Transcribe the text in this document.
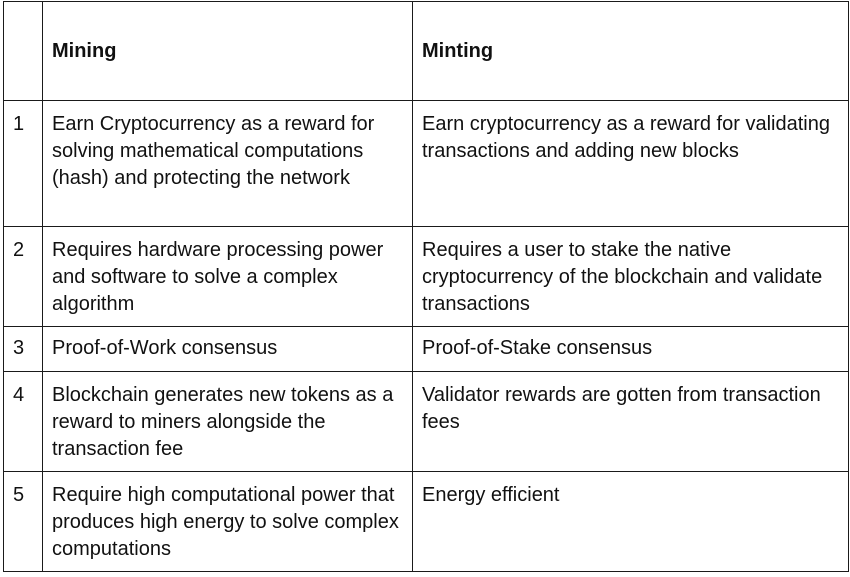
	Mining	Minting
1	Earn Cryptocurrency as a reward for solving mathematical computations (hash) and protecting the network	Earn cryptocurrency as a reward for validating transactions and adding new blocks
2	Requires hardware processing power and software to solve a complex algorithm	Requires a user to stake the native cryptocurrency of the blockchain and validate transactions
3	Proof-of-Work consensus	Proof-of-Stake consensus
4	Blockchain generates new tokens as a reward to miners alongside the transaction fee	Validator rewards are gotten from transaction fees
5	Require high computational power that produces high energy to solve complex computations	Energy efficient
